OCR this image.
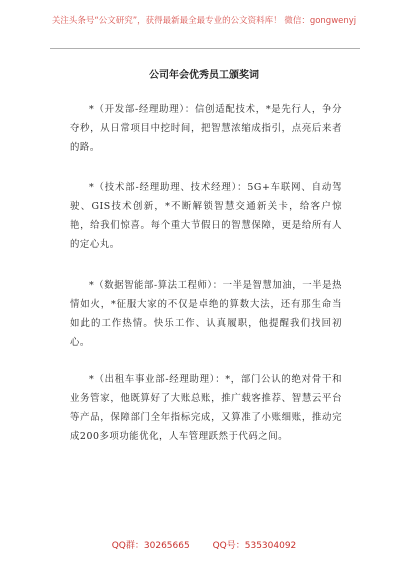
关注头条号“公文研究”，获得最新最全最专业的公文资料库！ 微信：gongwenyj
公司年会优秀员工颁奖词

*（开发部-经理助理）：信创适配技术，*是先行人，争分夺秒，从日常项目中挖时间，把智慧浓缩成指引，点亮后来者的路。

*（技术部-经理助理、技术经理）：5G+车联网、自动驾驶、GIS技术创新，*不断解锁智慧交通新关卡，给客户惊艳，给我们惊喜。每个重大节假日的智慧保障，更是给所有人的定心丸。

*（数据智能部-算法工程师）：一半是智慧加油，一半是热情如火，*征服大家的不仅是卓绝的算数大法，还有那生命当如此的工作热情。快乐工作、认真履职，他提醒我们找回初心。

*（出租车事业部-经理助理）：*，部门公认的绝对骨干和业务管家，他既算好了大账总账，推广载客推荐、智慧云平台等产品，保障部门全年指标完成，又算准了小账细账，推动完成200多项功能优化，人车管理跃然于代码之间。

QQ群：30265665	QQ号：535304092
